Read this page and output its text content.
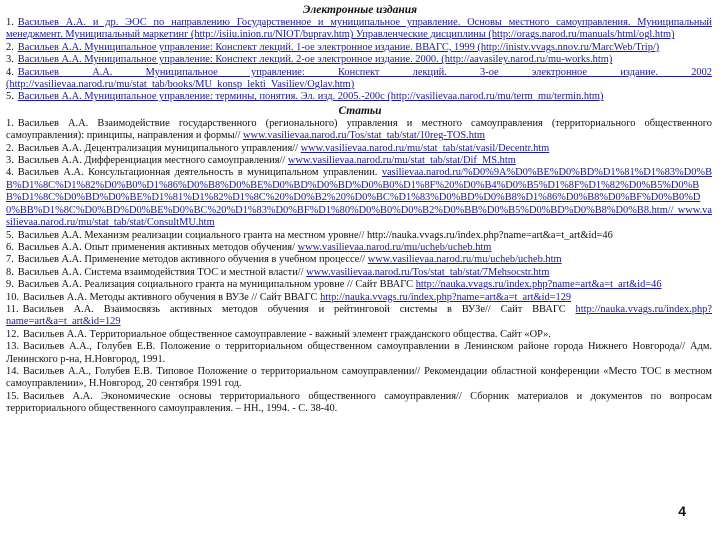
Электронные издания
1. Васильев А.А. и др. ЭОС по направлению Государственное и муниципальное управление. Основы местного самоуправления. Муниципальный менеджмент. Муниципальный маркетинг (http://isiiu.inion.ru/NIOT/buprav.htm) Управленческие дисциплины (http://orags.narod.ru/manuals/html/ogl.htm)
2. Васильев А.А. Муниципальное управление: Конспект лекций. 1-ое электронное издание. ВВАГС, 1999 (http://inistv.vvags.nnov.ru/MarcWeb/Trip/)
3. Васильев А.А. Муниципальное управление: Конспект лекций. 2-ое электронное издание. 2000. (http://aavasiley.narod.ru/mu-works.htm)
4. Васильев А.А. Муниципальное управление: Конспект лекций. 3-ое электронное издание. 2002 (http://vasilievaa.narod.ru/mu/stat_tab/books/MU_konsp_lekti_Vasiliev/Oglav.htm)
5. Васильев А.А. Муниципальное управление: термины, понятия. Эл. изд. 2005.-200с (http://vasilievaa.narod.ru/mu/term_mu/termin.htm)
Статьи
1. Васильев А.А. Взаимодействие государственного (регионального) управления и местного самоуправления (территориального общественного самоуправления): принципы, направления и формы// www.vasilievaa.narod.ru/Tos/stat_tab/stat/10reg-TOS.htm
2. Васильев А.А. Децентрализация муниципального управления// www.vasilievaa.narod.ru/mu/stat_tab/stat/vasil/Decentr.htm
3. Васильев А.А. Дифференциация местного самоуправления// www.vasilievaa.narod.ru/mu/stat_tab/stat/Dif_MS.htm
4. Васильев А.А. Консультационная деятельность в муниципальном управлении. vasilievaa.narod.ru/%D0%9A%D0%BE%D0%BD%D1%81%D1%83%D0%BB%D1%8C%D1%82%D0%B0%D1%86%D0%B8%D0%BE%D0%BD%D0%BD%D0%B0%D1%8F%20%D0%B4%D0%B5%D1%8F%D1%82%D0%B5%D0%BB%D1%8C%D0%BD%D0%BE%D1%81%D1%82%D1%8C%20%D0%B2%20%D0%BC%D1%83%D0%BD%D0%B8%D1%86%D0%B8%D0%BF%D0%B0%D0%BB%D1%8C%D0%BD%D0%BE%D0%BC%20%D1%83%D0%BF%D1%80%D0%B0%D0%B2%D0%BB%D0%B5%D0%BD%D0%B8%D0%B8.htm// www.vasilievaa.narod.ru/mu/stat_tab/stat/ConsultMU.htm
5. Васильев А.А. Механизм реализации социального гранта на местном уровне// http://nauka.vvags.ru/index.php?name=art&a=t_art&id=46
6. Васильев А.А. Опыт применения активных методов обучения/ www.vasilievaa.narod.ru/mu/ucheb/ucheb.htm
7. Васильев А.А. Применение методов активного обучения в учебном процессе// www.vasilievaa.narod.ru/mu/ucheb/ucheb.htm
8. Васильев А.А. Система взаимодействия ТОС и местной власти// www.vasilievaa.narod.ru/Tos/stat_tab/stat/7Mehsocstr.htm
9. Васильев А.А. Реализация социального гранта на муниципальном уровне // Сайт ВВАГС http://nauka.vvags.ru/index.php?name=art&a=t_art&id=46
10. Васильев А.А. Методы активного обучения в ВУЗе // Сайт ВВАГС http://nauka.vvags.ru/index.php?name=art&a=t_art&id=129
11. Васильев А.А. Взаимосвязь активных методов обучения и рейтинговой системы в ВУЗе// Сайт ВВАГС http://nauka.vvags.ru/index.php?name=art&a=t_art&id=129
12. Васильев А.А. Территориальное общественное самоуправление - важный элемент гражданского общества. Сайт «ОР».
13. Васильев А.А., Голубев Е.В. Положение о территориальном общественном самоуправлении в Ленинском районе города Нижнего Новгорода// Адм. Ленинского р-на, Н.Новгород, 1991.
14. Васильев А.А., Голубев Е.В. Типовое Положение о территориальном самоуправлении// Рекомендации областной конференции «Место ТОС в местном самоуправлении», Н.Новгород, 20 сентября 1991 год.
15. Васильев А.А. Экономические основы территориального общественного самоуправления// Сборник материалов и документов по вопросам территориального общественного самоуправления. – НН., 1994. - С. 38-40.
4
